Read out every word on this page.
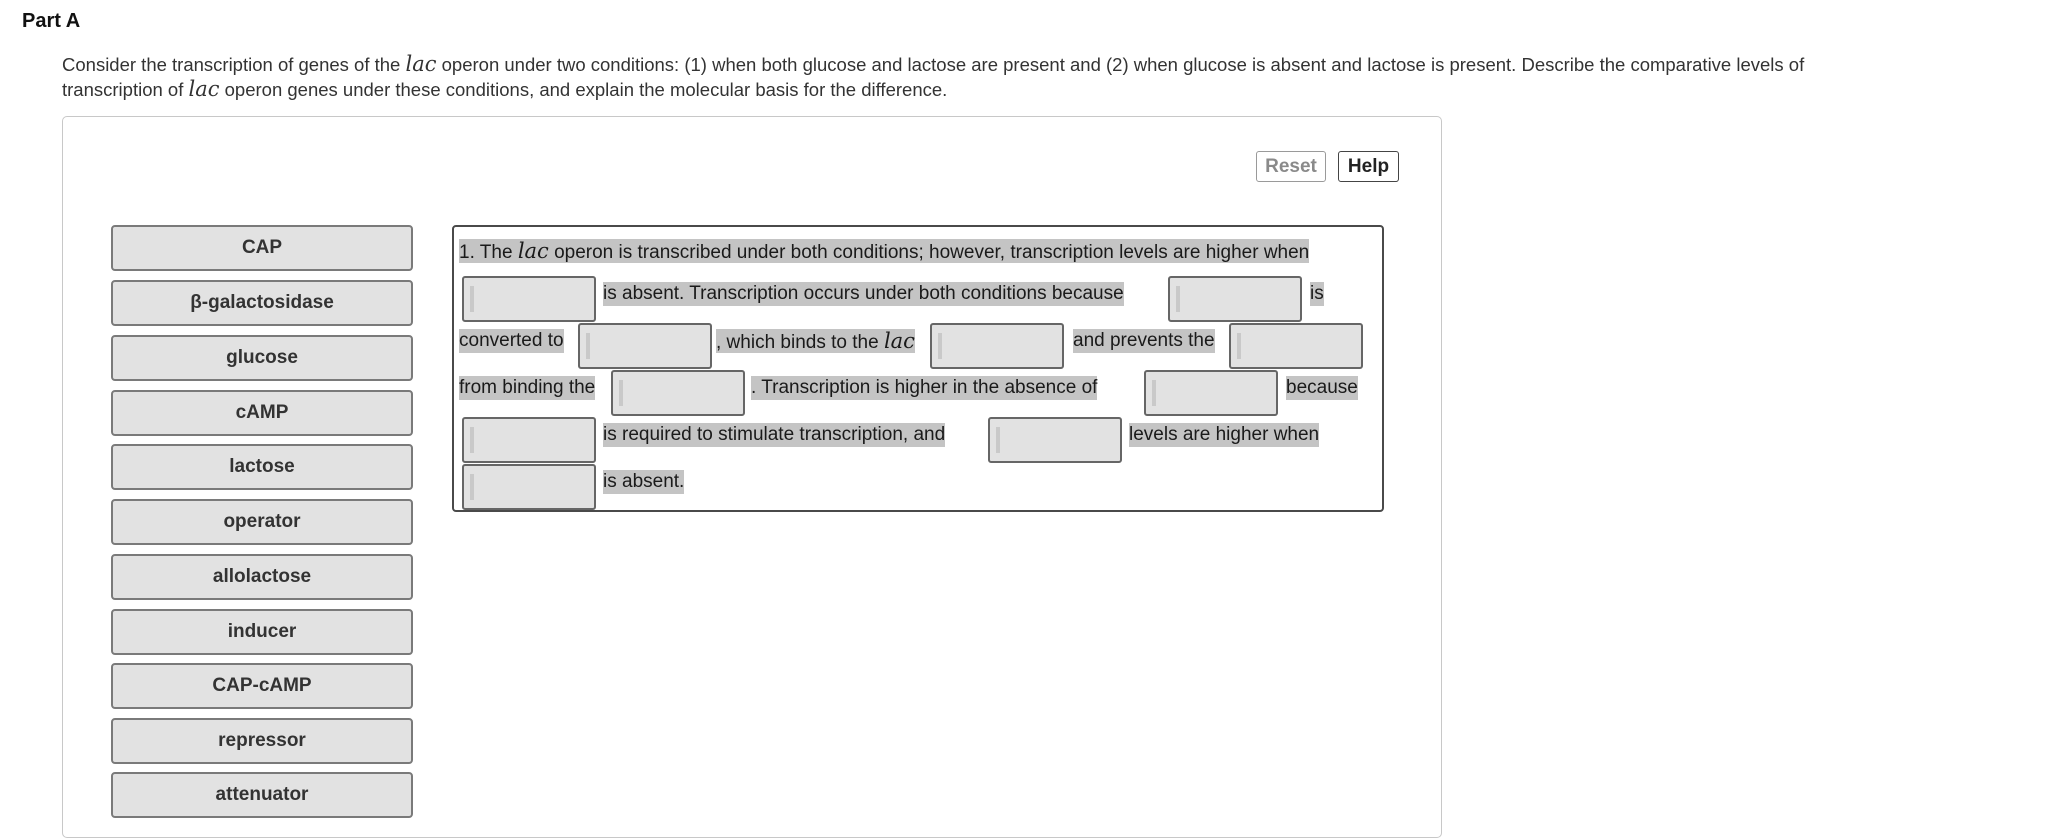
Part A
Consider the transcription of genes of the lac operon under two conditions: (1) when both glucose and lactose are present and (2) when glucose is absent and lactose is present. Describe the comparative levels of
transcription of lac operon genes under these conditions, and explain the molecular basis for the difference.
Reset	Help
CAP
β-galactosidase
glucose
cAMP
lactose
operator
allolactose
inducer
CAP-cAMP
repressor
attenuator
1. The lac operon is transcribed under both conditions; however, transcription levels are higher when
is absent. Transcription occurs under both conditions because	is
converted to	, which binds to the lac	and prevents the
from binding the	. Transcription is higher in the absence of	because
is required to stimulate transcription, and	levels are higher when
is absent.
